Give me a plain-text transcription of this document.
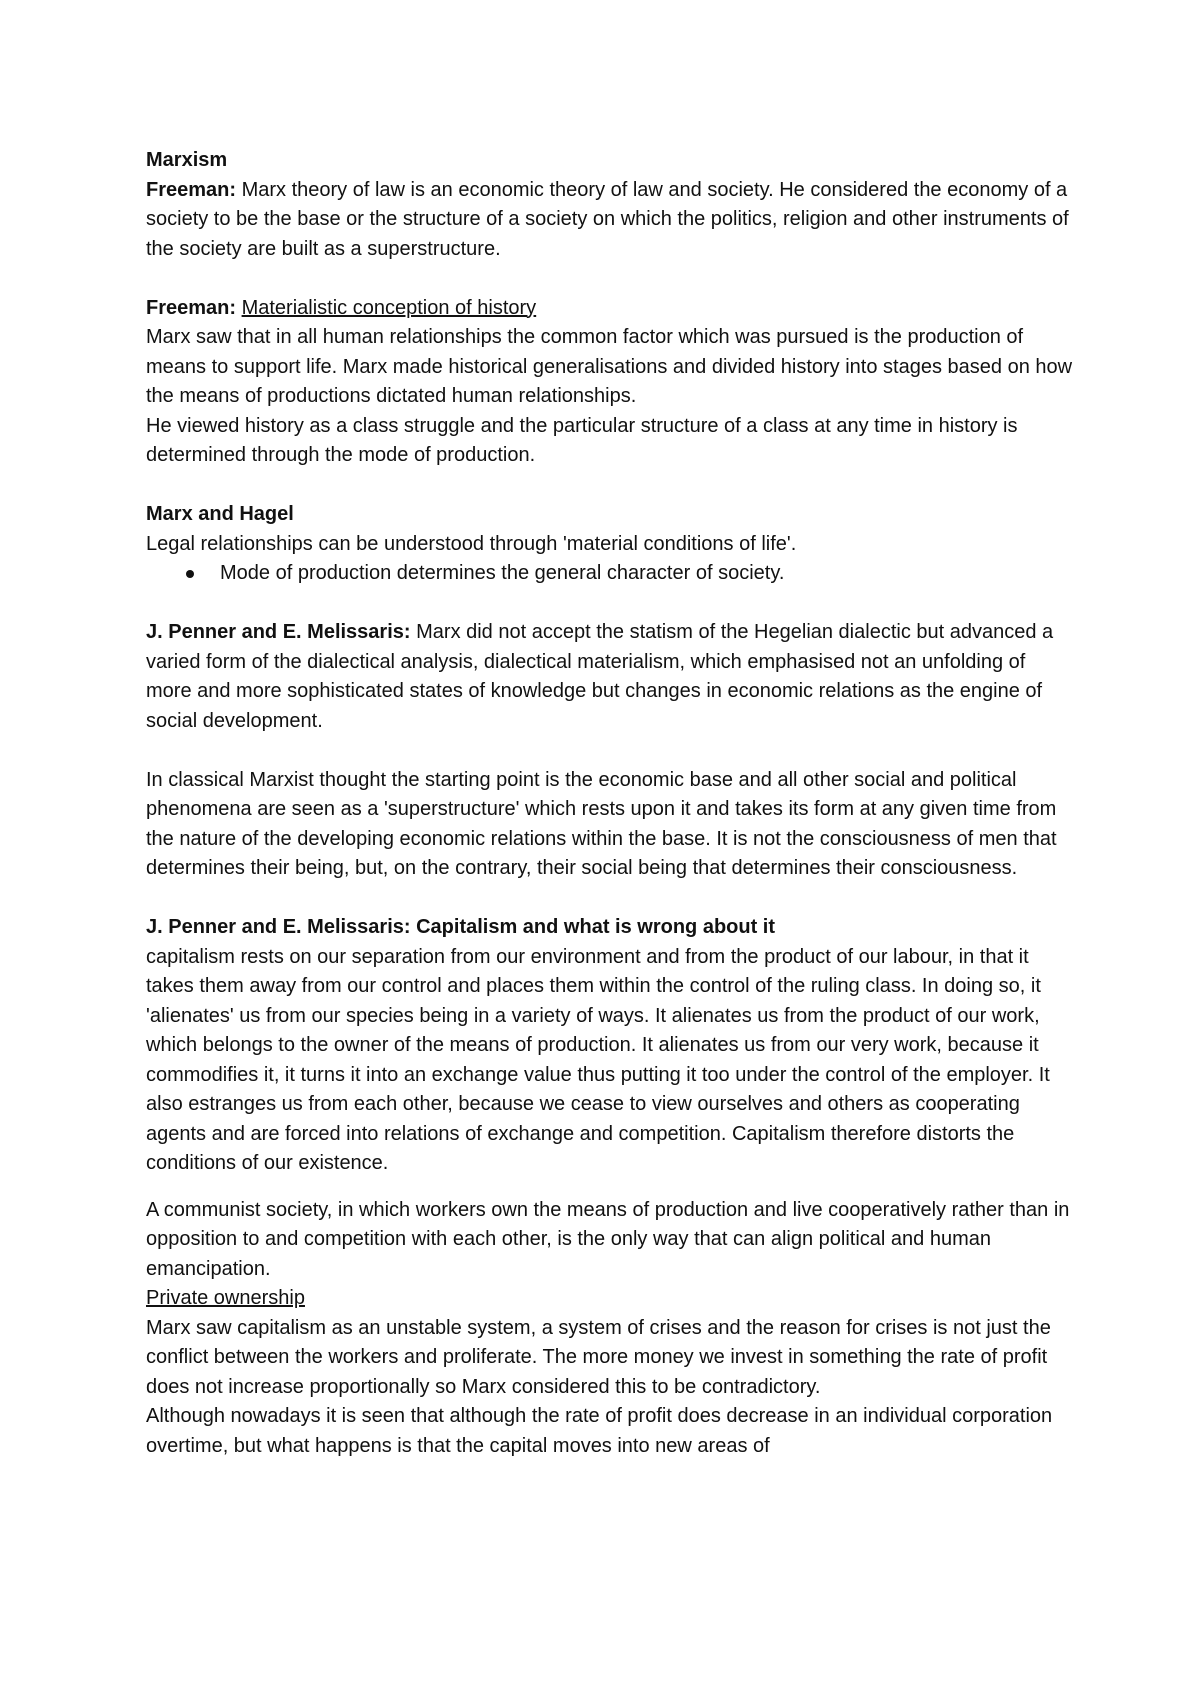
Marxism

Freeman: Marx theory of law is an economic theory of law and society. He considered the economy of a society to be the base or the structure of a society on which the politics, religion and other instruments of the society are built as a superstructure.

Freeman: Materialistic conception of history

Marx saw that in all human relationships the common factor which was pursued is the production of means to support life. Marx made historical generalisations and divided history into stages based on how the means of productions dictated human relationships.

He viewed history as a class struggle and the particular structure of a class at any time in history is determined through the mode of production.

Marx and Hagel

Legal relationships can be understood through 'material conditions of life'.

Mode of production determines the general character of society.

J. Penner and E. Melissaris: Marx did not accept the statism of the Hegelian dialectic but advanced a varied form of the dialectical analysis, dialectical materialism, which emphasised not an unfolding of more and more sophisticated states of knowledge but changes in economic relations as the engine of social development.

In classical Marxist thought the starting point is the economic base and all other social and political phenomena are seen as a 'superstructure' which rests upon it and takes its form at any given time from the nature of the developing economic relations within the base. It is not the consciousness of men that determines their being, but, on the contrary, their social being that determines their consciousness.

J. Penner and E. Melissaris: Capitalism and what is wrong about it

capitalism rests on our separation from our environment and from the product of our labour, in that it takes them away from our control and places them within the control of the ruling class. In doing so, it 'alienates' us from our species being in a variety of ways. It alienates us from the product of our work, which belongs to the owner of the means of production. It alienates us from our very work, because it commodifies it, it turns it into an exchange value thus putting it too under the control of the employer. It also estranges us from each other, because we cease to view ourselves and others as cooperating agents and are forced into relations of exchange and competition. Capitalism therefore distorts the conditions of our existence.

A communist society, in which workers own the means of production and live cooperatively rather than in opposition to and competition with each other, is the only way that can align political and human emancipation.

Private ownership

Marx saw capitalism as an unstable system, a system of crises and the reason for crises is not just the conflict between the workers and proliferate. The more money we invest in something the rate of profit does not increase proportionally so Marx considered this to be contradictory.

Although nowadays it is seen that although the rate of profit does decrease in an individual corporation overtime, but what happens is that the capital moves into new areas of
